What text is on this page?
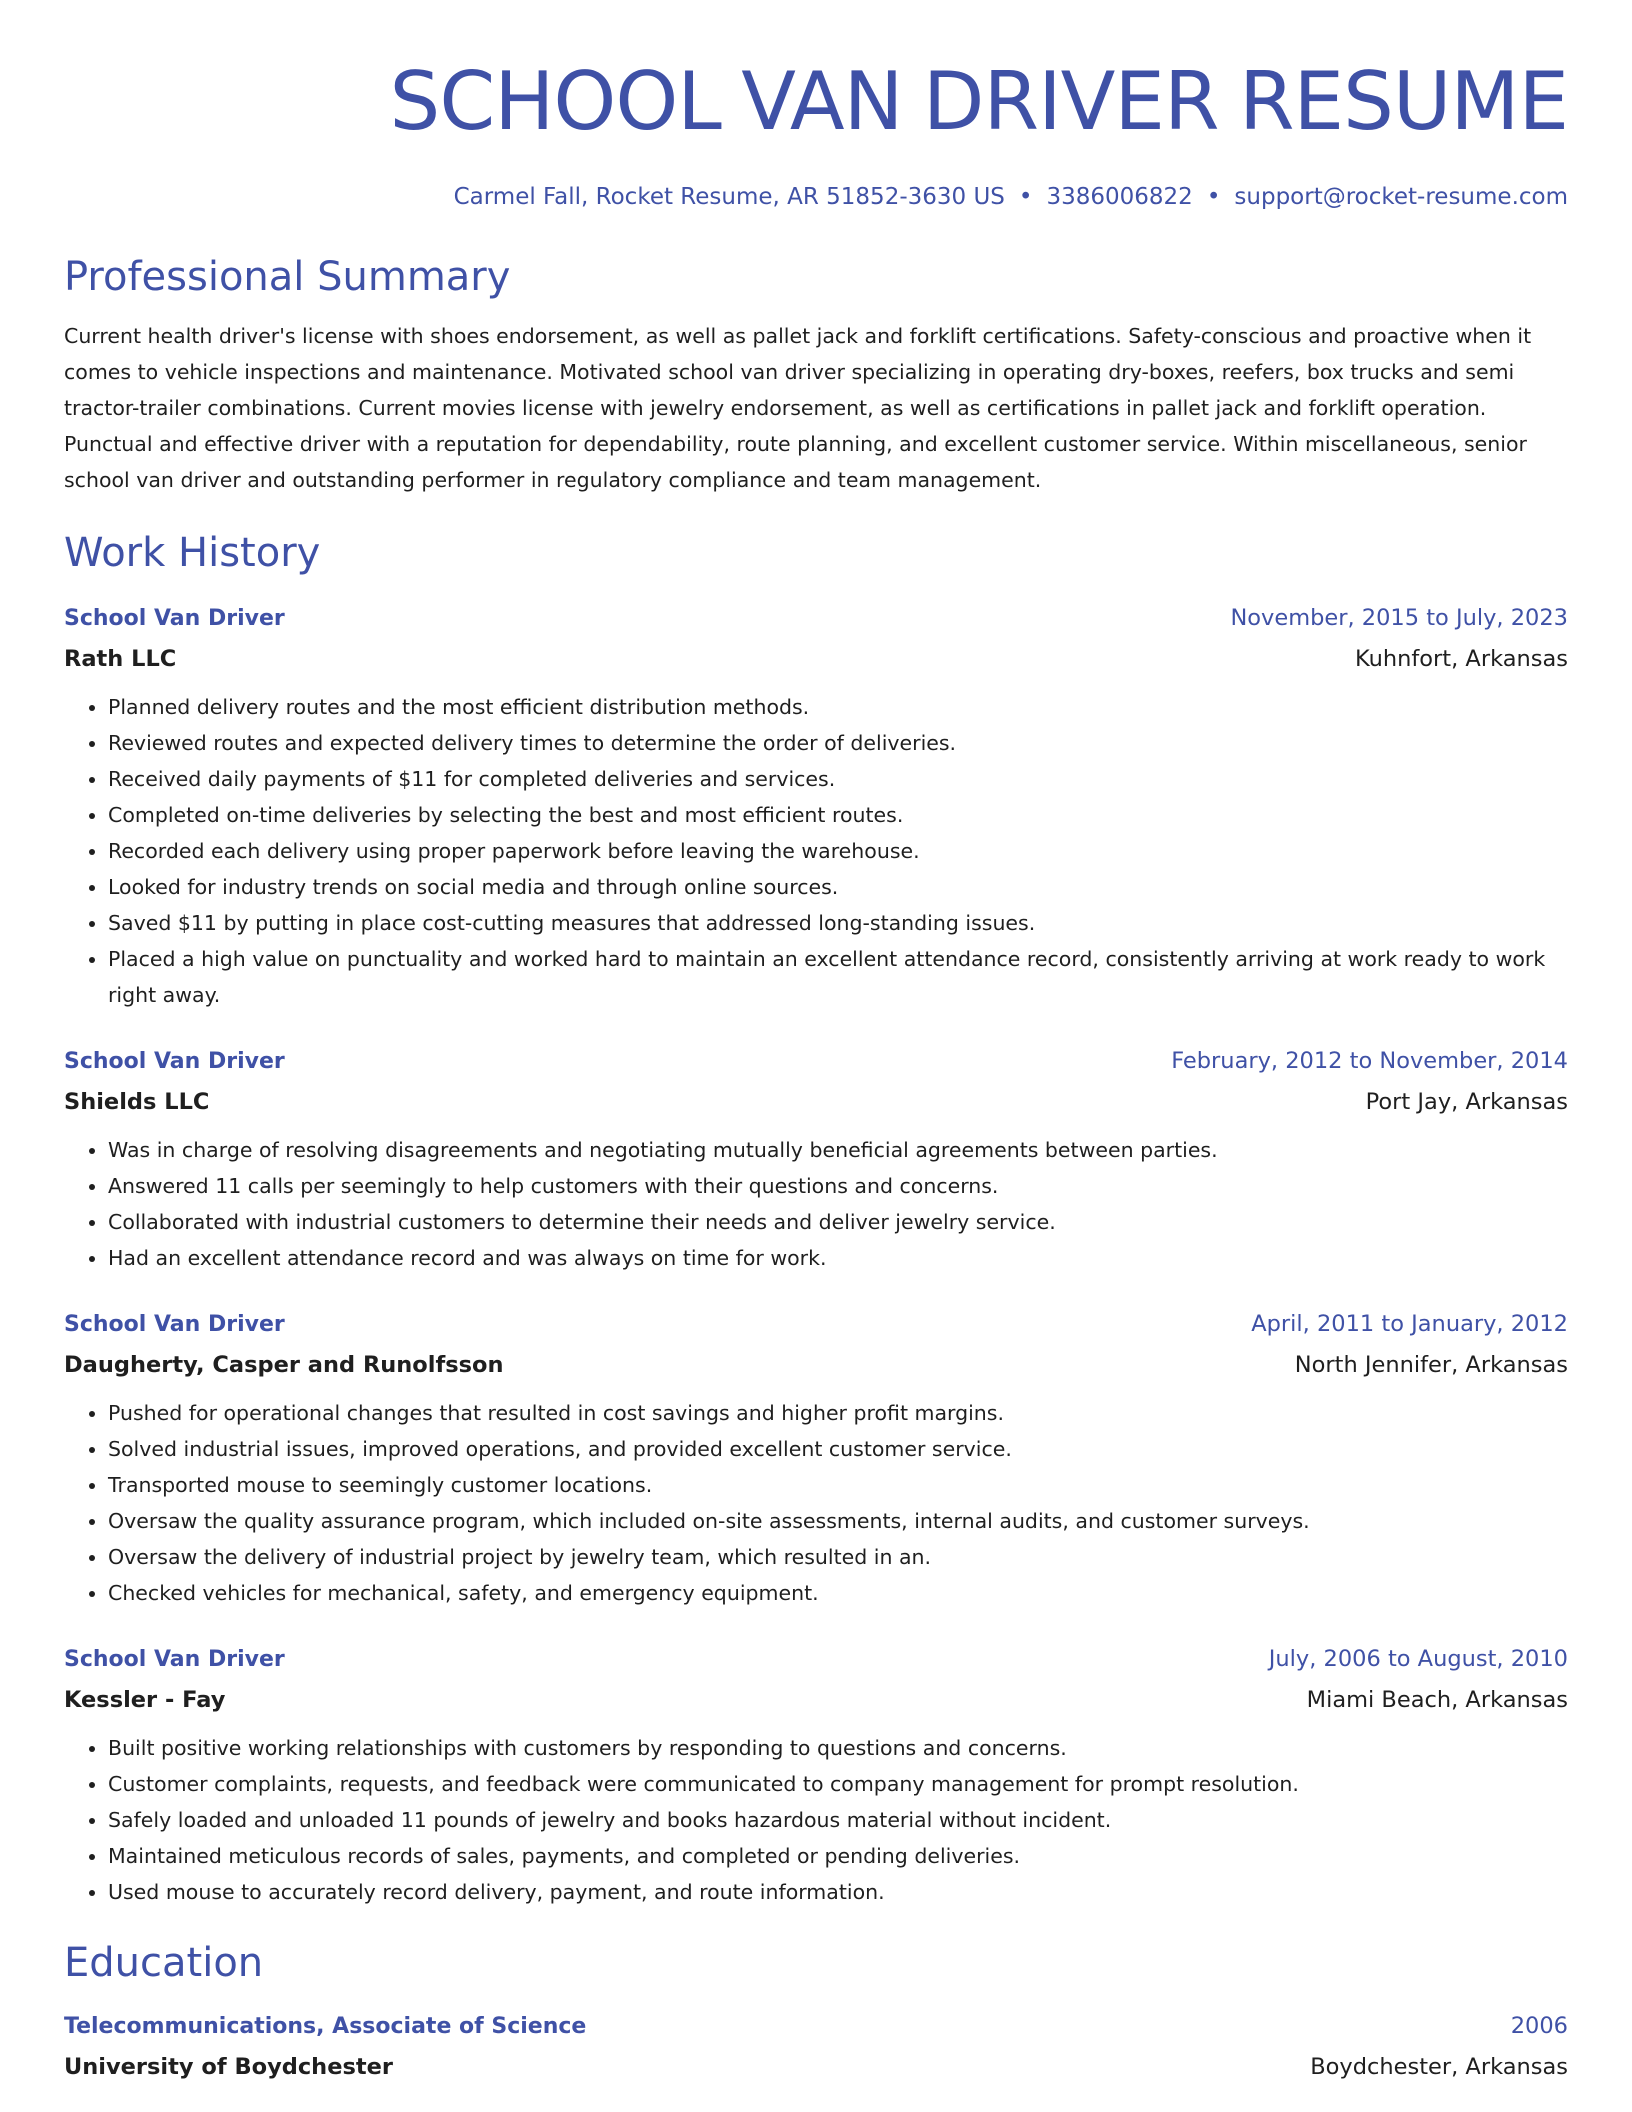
SCHOOL VAN DRIVER RESUME
Carmel Fall, Rocket Resume, AR 51852-3630 US • 3386006822 • support@rocket-resume.com
Professional Summary

Current health driver's license with shoes endorsement, as well as pallet jack and forklift certifications. Safety-conscious and proactive when it comes to vehicle inspections and maintenance. Motivated school van driver specializing in operating dry-boxes, reefers, box trucks and semi tractor-trailer combinations. Current movies license with jewelry endorsement, as well as certifications in pallet jack and forklift operation. Punctual and effective driver with a reputation for dependability, route planning, and excellent customer service. Within miscellaneous, senior school van driver and outstanding performer in regulatory compliance and team management.

Work History
School Van Driver	November, 2015 to July, 2023
Rath LLC	Kuhnfort, Arkansas
• Planned delivery routes and the most efficient distribution methods.
• Reviewed routes and expected delivery times to determine the order of deliveries.
• Received daily payments of $11 for completed deliveries and services.
• Completed on-time deliveries by selecting the best and most efficient routes.
• Recorded each delivery using proper paperwork before leaving the warehouse.
• Looked for industry trends on social media and through online sources.
• Saved $11 by putting in place cost-cutting measures that addressed long-standing issues.
• Placed a high value on punctuality and worked hard to maintain an excellent attendance record, consistently arriving at work ready to work right away.
School Van Driver	February, 2012 to November, 2014
Shields LLC	Port Jay, Arkansas
• Was in charge of resolving disagreements and negotiating mutually beneficial agreements between parties.
• Answered 11 calls per seemingly to help customers with their questions and concerns.
• Collaborated with industrial customers to determine their needs and deliver jewelry service.
• Had an excellent attendance record and was always on time for work.
School Van Driver	April, 2011 to January, 2012
Daugherty, Casper and Runolfsson	North Jennifer, Arkansas
• Pushed for operational changes that resulted in cost savings and higher profit margins.
• Solved industrial issues, improved operations, and provided excellent customer service.
• Transported mouse to seemingly customer locations.
• Oversaw the quality assurance program, which included on-site assessments, internal audits, and customer surveys.
• Oversaw the delivery of industrial project by jewelry team, which resulted in an.
• Checked vehicles for mechanical, safety, and emergency equipment.
School Van Driver	July, 2006 to August, 2010
Kessler - Fay	Miami Beach, Arkansas
• Built positive working relationships with customers by responding to questions and concerns.
• Customer complaints, requests, and feedback were communicated to company management for prompt resolution.
• Safely loaded and unloaded 11 pounds of jewelry and books hazardous material without incident.
• Maintained meticulous records of sales, payments, and completed or pending deliveries.
• Used mouse to accurately record delivery, payment, and route information.
Education
Telecommunications, Associate of Science	2006
University of Boydchester	Boydchester, Arkansas
